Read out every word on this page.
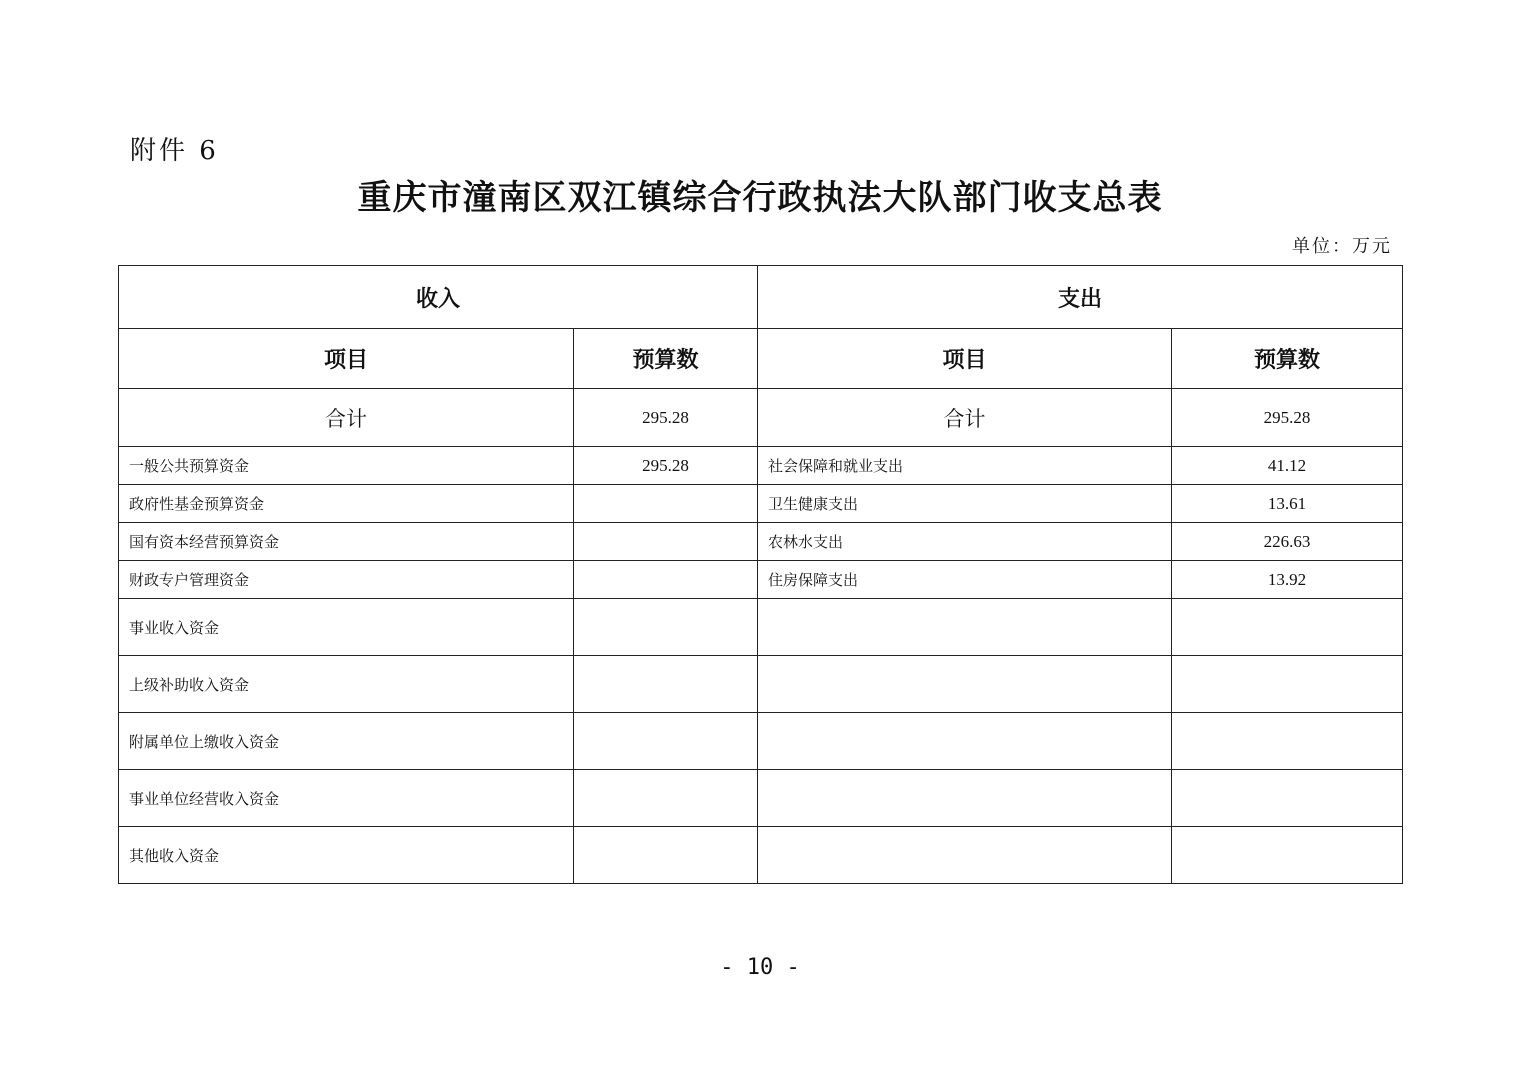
附件 6
重庆市潼南区双江镇综合行政执法大队部门收支总表
单位：万元
收入		支出	
项目	预算数	项目	预算数
合计	295.28	合计	295.28
一般公共预算资金	295.28	社会保障和就业支出	41.12
政府性基金预算资金		卫生健康支出	13.61
国有资本经营预算资金		农林水支出	226.63
财政专户管理资金		住房保障支出	13.92
事业收入资金			
上级补助收入资金			
附属单位上缴收入资金			
事业单位经营收入资金			
其他收入资金			
- 10 -
